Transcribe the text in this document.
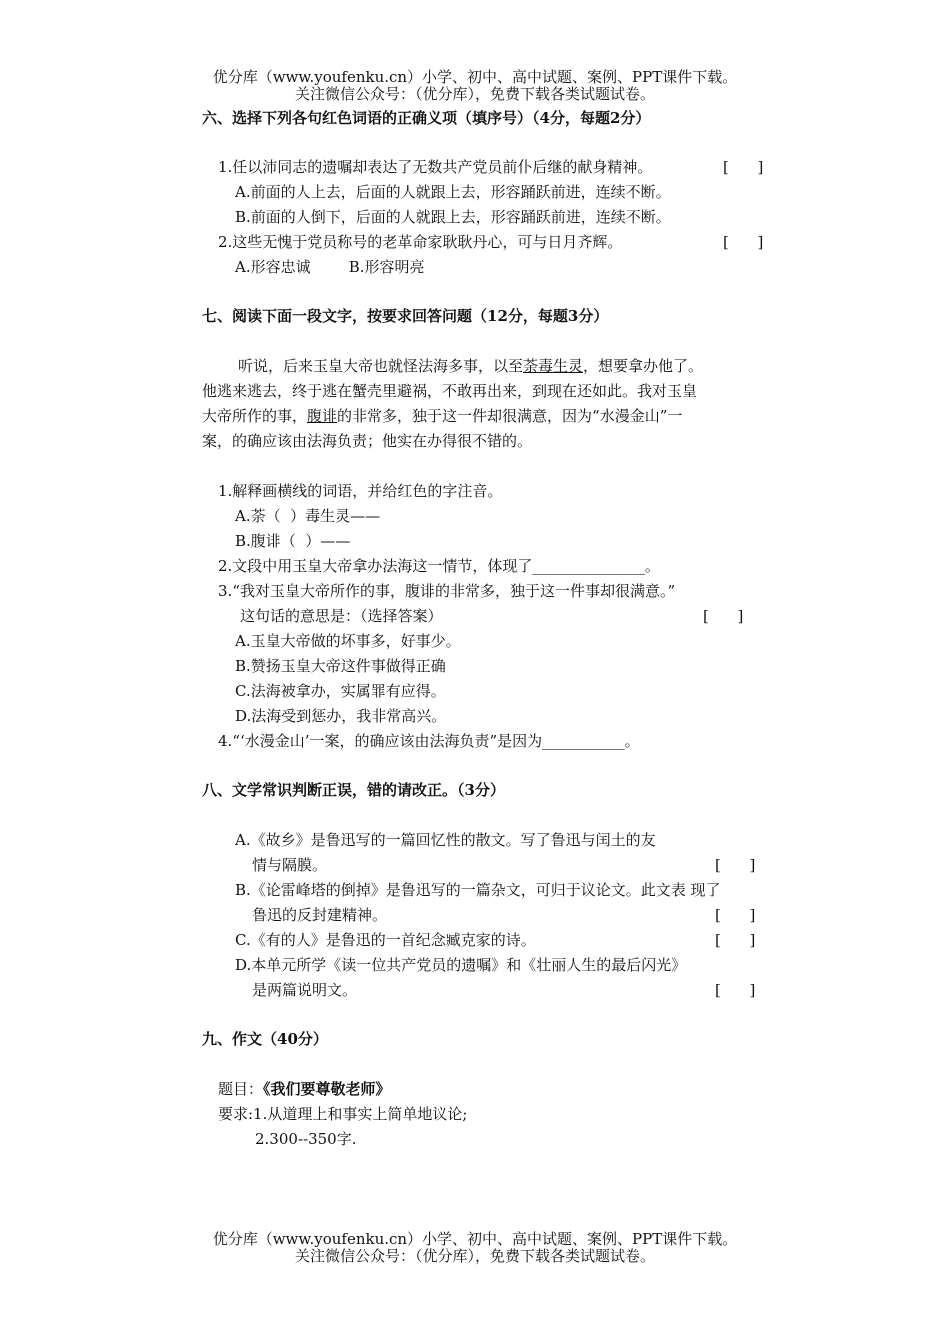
优分库（www.youfenku.cn）小学、初中、高中试题、案例、PPT课件下载。
关注微信公众号：（优分库），免费下载各类试题试卷。
六、选择下列各句红色词语的正确义项（填序号）（4分，每题2分）
1.任以沛同志的遗嘱却表达了无数共产党员前仆后继的献身精神。	[      ]
A.前面的人上去，后面的人就跟上去，形容踊跃前进，连续不断。
B.前面的人倒下，后面的人就跟上去，形容踊跃前进，连续不断。
2.这些无愧于党员称号的老革命家耿耿丹心，可与日月齐辉。	[      ]
A.形容忠诚        B.形容明亮
七、阅读下面一段文字，按要求回答问题（12分，每题3分）
听说，后来玉皇大帝也就怪法海多事，以至荼毒生灵，想要拿办他了。
他逃来逃去，终于逃在蟹壳里避祸，不敢再出来，到现在还如此。我对玉皇
大帝所作的事，腹诽的非常多，独于这一件却很满意，因为“水漫金山”一
案，的确应该由法海负责；他实在办得很不错的。
1.解释画横线的词语，并给红色的字注音。
A.荼（  ）毒生灵——
B.腹诽（  ）——
2.文段中用玉皇大帝拿办法海这一情节，体现了_______________。
3.“我对玉皇大帝所作的事，腹诽的非常多，独于这一件事却很满意。”
这句话的意思是：（选择答案）	[      ]
A.玉皇大帝做的坏事多，好事少。
B.赞扬玉皇大帝这件事做得正确
C.法海被拿办，实属罪有应得。
D.法海受到惩办，我非常高兴。
4.“‘水漫金山’一案，的确应该由法海负责”是因为___________。
八、文学常识判断正误，错的请改正。（3分）
A.《故乡》是鲁迅写的一篇回忆性的散文。写了鲁迅与闰土的友
情与隔膜。	[      ]
B.《论雷峰塔的倒掉》是鲁迅写的一篇杂文，可归于议论文。此文表 现了
鲁迅的反封建精神。	[      ]
C.《有的人》是鲁迅的一首纪念臧克家的诗。	[      ]
D.本单元所学《读一位共产党员的遗嘱》和《壮丽人生的最后闪光》
是两篇说明文。	[      ]
九、作文（40分）
题目：《我们要尊敬老师》
要求:1.从道理上和事实上简单地议论;
2.300--350字.
优分库（www.youfenku.cn）小学、初中、高中试题、案例、PPT课件下载。
关注微信公众号：（优分库），免费下载各类试题试卷。
